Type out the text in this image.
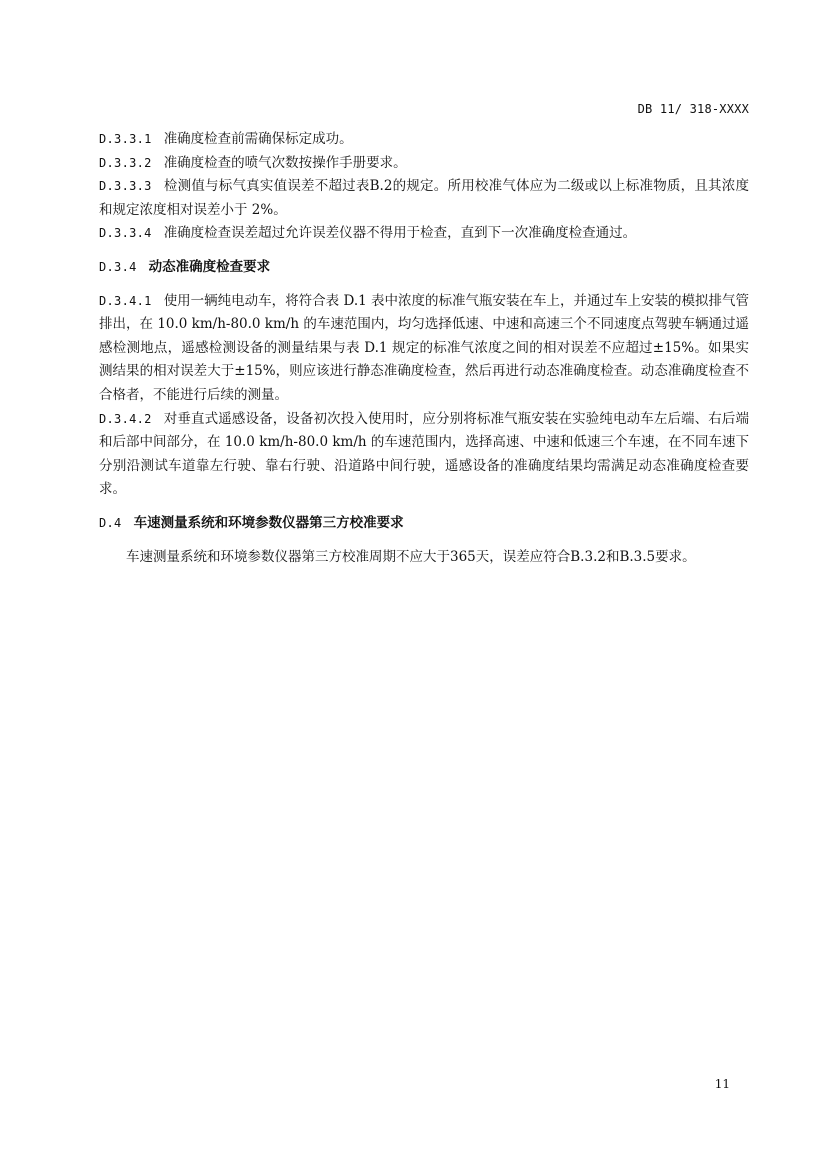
DB 11/ 318-XXXX

D.3.3.1 准确度检查前需确保标定成功。

D.3.3.2 准确度检查的喷气次数按操作手册要求。

D.3.3.3 检测值与标气真实值误差不超过表B.2的规定。所用校准气体应为二级或以上标准物质，且其浓度和规定浓度相对误差小于 2%。

D.3.3.4 准确度检查误差超过允许误差仪器不得用于检查，直到下一次准确度检查通过。

D.3.4 动态准确度检查要求

D.3.4.1 使用一辆纯电动车，将符合表 D.1 表中浓度的标准气瓶安装在车上，并通过车上安装的模拟排气管排出，在 10.0 km/h-80.0 km/h 的车速范围内，均匀选择低速、中速和高速三个不同速度点驾驶车辆通过遥感检测地点，遥感检测设备的测量结果与表 D.1 规定的标准气浓度之间的相对误差不应超过±15%。如果实测结果的相对误差大于±15%，则应该进行静态准确度检查，然后再进行动态准确度检查。动态准确度检查不合格者，不能进行后续的测量。

D.3.4.2 对垂直式遥感设备，设备初次投入使用时，应分别将标准气瓶安装在实验纯电动车左后端、右后端和后部中间部分，在 10.0 km/h-80.0 km/h 的车速范围内，选择高速、中速和低速三个车速，在不同车速下分别沿测试车道靠左行驶、靠右行驶、沿道路中间行驶，遥感设备的准确度结果均需满足动态准确度检查要求。

D.4 车速测量系统和环境参数仪器第三方校准要求

车速测量系统和环境参数仪器第三方校准周期不应大于365天，误差应符合B.3.2和B.3.5要求。

11
